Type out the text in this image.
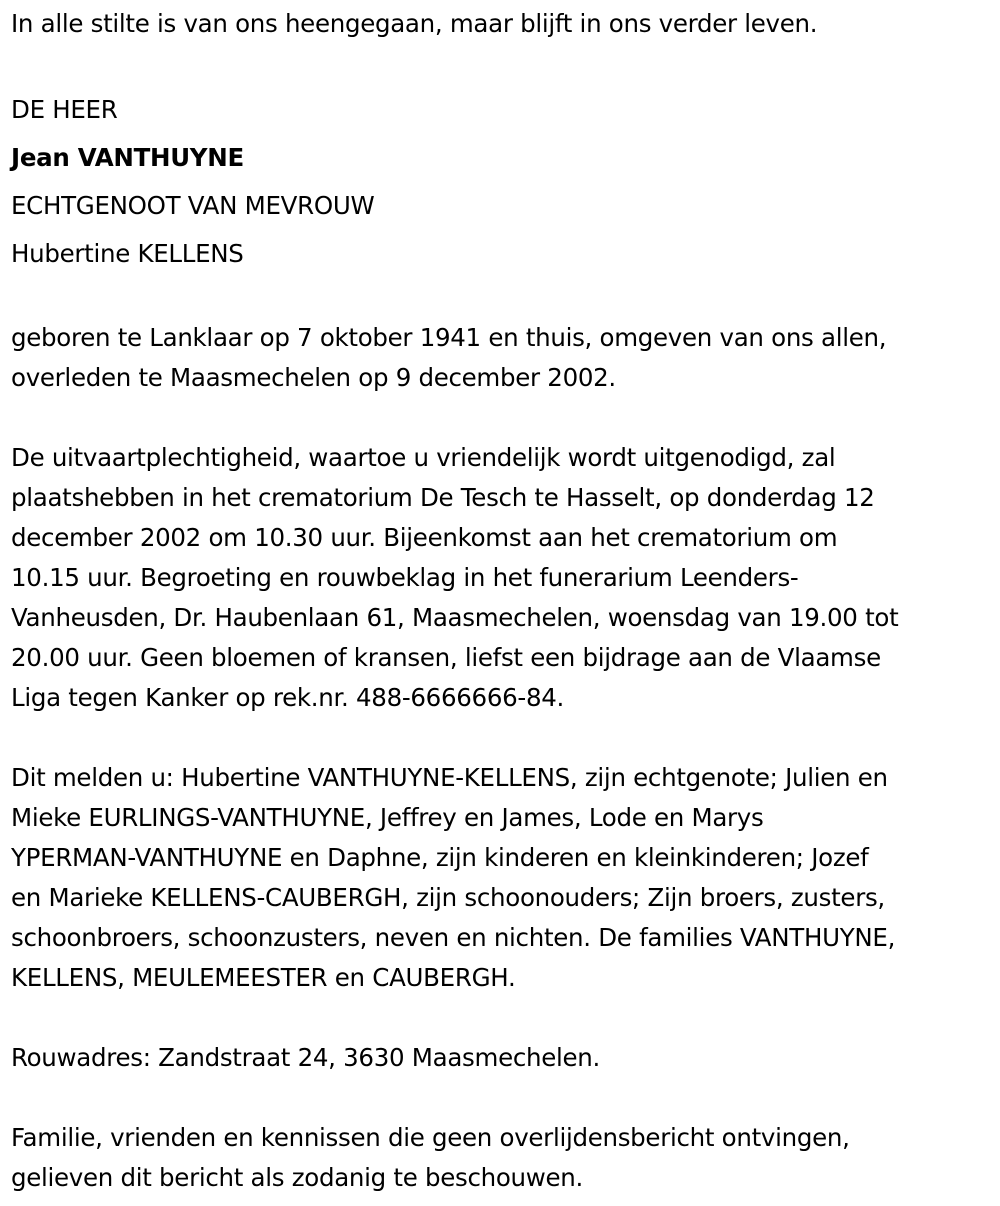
In alle stilte is van ons heengegaan, maar blijft in ons verder leven.

DE HEER

Jean VANTHUYNE

ECHTGENOOT VAN MEVROUW

Hubertine KELLENS

geboren te Lanklaar op 7 oktober 1941 en thuis, omgeven van ons allen,
overleden te Maasmechelen op 9 december 2002.

De uitvaartplechtigheid, waartoe u vriendelijk wordt uitgenodigd, zal
plaatshebben in het crematorium De Tesch te Hasselt, op donderdag 12
december 2002 om 10.30 uur. Bijeenkomst aan het crematorium om
10.15 uur. Begroeting en rouwbeklag in het funerarium Leenders-
Vanheusden, Dr. Haubenlaan 61, Maasmechelen, woensdag van 19.00 tot
20.00 uur. Geen bloemen of kransen, liefst een bijdrage aan de Vlaamse
Liga tegen Kanker op rek.nr. 488-6666666-84.

Dit melden u: Hubertine VANTHUYNE-KELLENS, zijn echtgenote; Julien en
Mieke EURLINGS-VANTHUYNE, Jeffrey en James, Lode en Marys
YPERMAN-VANTHUYNE en Daphne, zijn kinderen en kleinkinderen; Jozef
en Marieke KELLENS-CAUBERGH, zijn schoonouders; Zijn broers, zusters,
schoonbroers, schoonzusters, neven en nichten. De families VANTHUYNE,
KELLENS, MEULEMEESTER en CAUBERGH.

Rouwadres: Zandstraat 24, 3630 Maasmechelen.

Familie, vrienden en kennissen die geen overlijdensbericht ontvingen,
gelieven dit bericht als zodanig te beschouwen.
